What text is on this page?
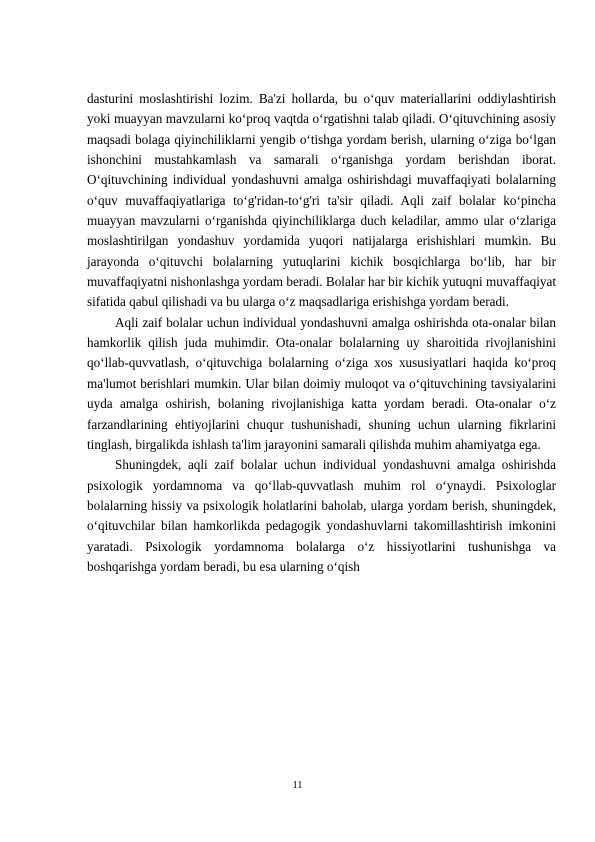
dasturini moslashtirishi lozim. Ba'zi hollarda, bu o‘quv materiallarini oddiylashtirish yoki muayyan mavzularni ko‘proq vaqtda o‘rgatishni talab qiladi. O‘qituvchining asosiy maqsadi bolaga qiyinchiliklarni yengib o‘tishga yordam berish, ularning o‘ziga bo‘lgan ishonchini mustahkamlash va samarali o‘rganishga yordam berishdan iborat. O‘qituvchining individual yondashuvni amalga oshirishdagi muvaffaqiyati bolalarning o‘quv muvaffaqiyatlariga to‘g'ridan-to‘g'ri ta'sir qiladi. Aqli zaif bolalar ko‘pincha muayyan mavzularni o‘rganishda qiyinchiliklarga duch keladilar, ammo ular o‘zlariga moslashtirilgan yondashuv yordamida yuqori natijalarga erishishlari mumkin. Bu jarayonda o‘qituvchi bolalarning yutuqlarini kichik bosqichlarga bo‘lib, har bir muvaffaqiyatni nishonlashga yordam beradi. Bolalar har bir kichik yutuqni muvaffaqiyat sifatida qabul qilishadi va bu ularga o‘z maqsadlariga erishishga yordam beradi.

Aqli zaif bolalar uchun individual yondashuvni amalga oshirishda ota-onalar bilan hamkorlik qilish juda muhimdir. Ota-onalar bolalarning uy sharoitida rivojlanishini qo‘llab-quvvatlash, o‘qituvchiga bolalarning o‘ziga xos xususiyatlari haqida ko‘proq ma'lumot berishlari mumkin. Ular bilan doimiy muloqot va o‘qituvchining tavsiyalarini uyda amalga oshirish, bolaning rivojlanishiga katta yordam beradi. Ota-onalar o‘z farzandlarining ehtiyojlarini chuqur tushunishadi, shuning uchun ularning fikrlarini tinglash, birgalikda ishlash ta'lim jarayonini samarali qilishda muhim ahamiyatga ega.

Shuningdek, aqli zaif bolalar uchun individual yondashuvni amalga oshirishda psixologik yordamnoma va qo‘llab-quvvatlash muhim rol o‘ynaydi. Psixologlar bolalarning hissiy va psixologik holatlarini baholab, ularga yordam berish, shuningdek, o‘qituvchilar bilan hamkorlikda pedagogik yondashuvlarni takomillashtirish imkonini yaratadi. Psixologik yordamnoma bolalarga o‘z hissiyotlarini tushunishga va boshqarishga yordam beradi, bu esa ularning o‘qish

11
